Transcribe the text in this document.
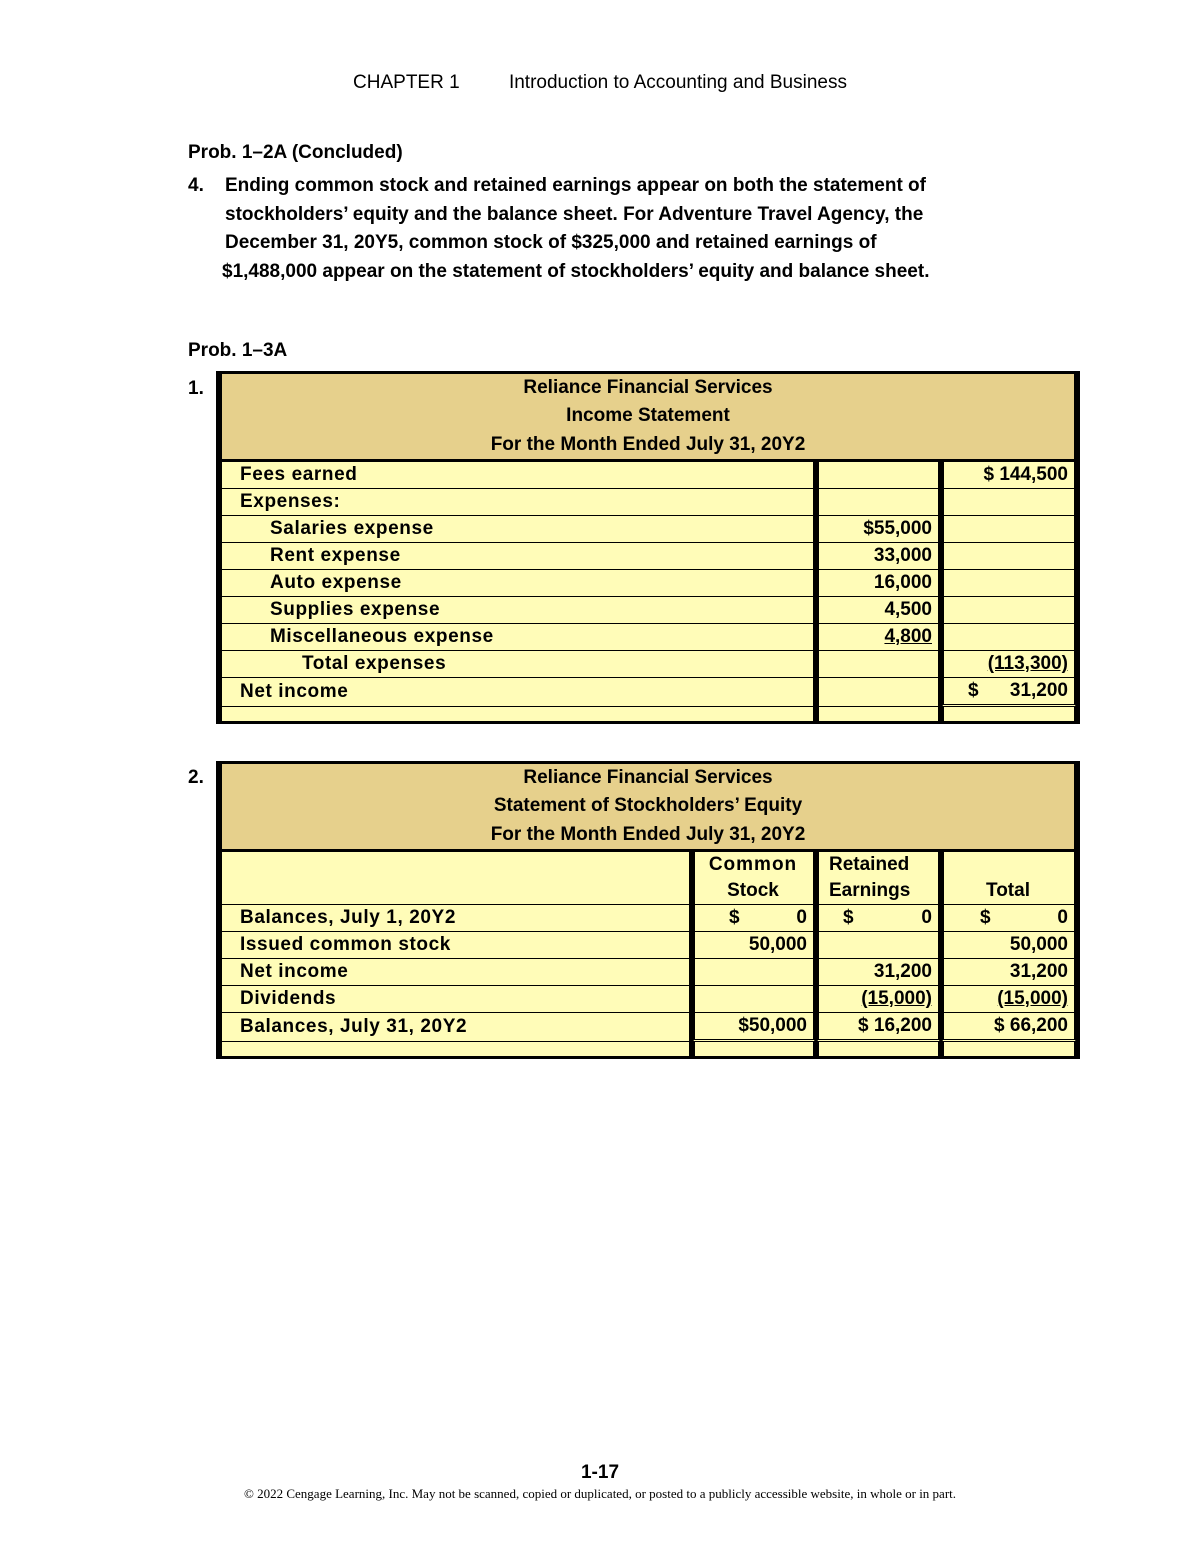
CHAPTER 1	Introduction to Accounting and Business
Prob. 1–2A (Concluded)
4. Ending common stock and retained earnings appear on both the statement of
stockholders’ equity and the balance sheet. For Adventure Travel Agency, the
December 31, 20Y5, common stock of $325,000 and retained earnings of
$1,488,000 appear on the statement of stockholders’ equity and balance sheet.
Prob. 1–3A
1.	Reliance Financial Services		
Income Statement		
For the Month Ended July 31, 20Y2		
Fees earned		$ 144,500
Expenses:		
Salaries expense	$55,000	
Rent expense	33,000	
Auto expense	16,000	
Supplies expense	4,500	
Miscellaneous expense	4,800	
Total expenses		(113,300)
Net income		$ 31,200

2.	Reliance Financial Services			
Statement of Stockholders’ Equity			
For the Month Ended July 31, 20Y2			
	Common	Retained	
	Stock	Earnings	Total
Balances, July 1, 20Y2	$ 0	$ 0	$ 0
Issued common stock	50,000		50,000
Net income		31,200	31,200
Dividends		(15,000)	(15,000)
Balances, July 31, 20Y2	$50,000	$ 16,200	$ 66,200

1-17
© 2022 Cengage Learning, Inc. May not be scanned, copied or duplicated, or posted to a publicly accessible website, in whole or in part.
